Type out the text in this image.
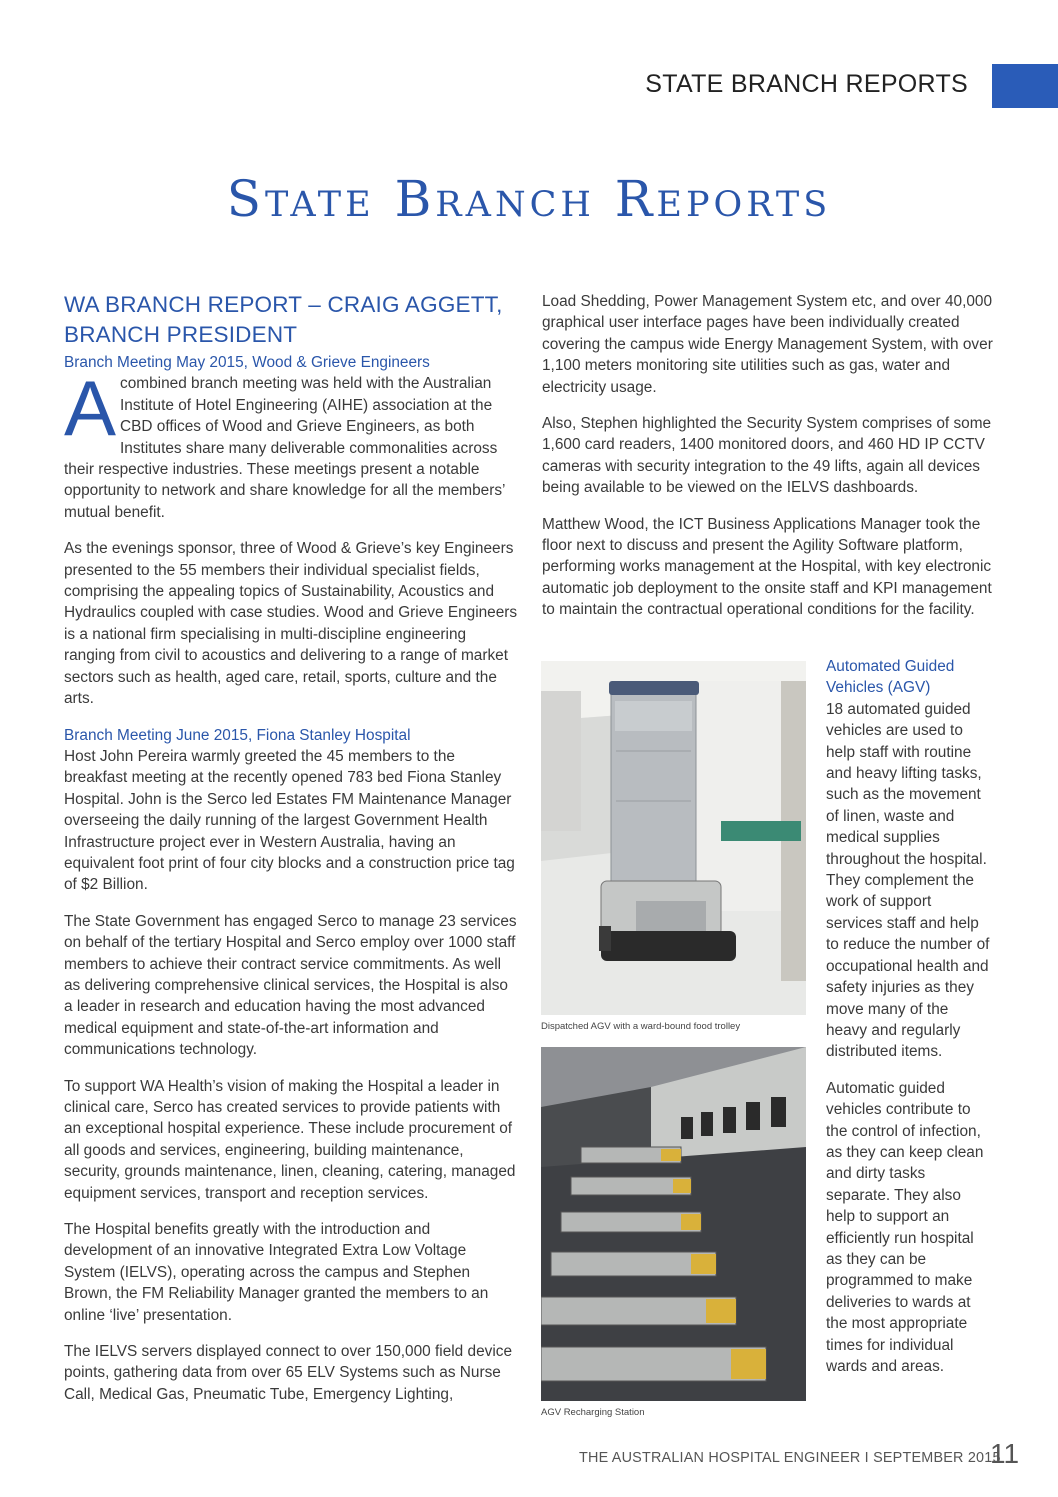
STATE BRANCH REPORTS
State Branch Reports
WA BRANCH REPORT – CRAIG AGGETT,
BRANCH PRESIDENT
Branch Meeting May 2015, Wood & Grieve Engineers

Acombined branch meeting was held with the Australian Institute of Hotel Engineering (AIHE) association at the CBD offices of Wood and Grieve Engineers, as both Institutes share many deliverable commonalities across their respective industries. These meetings present a notable opportunity to network and share knowledge for all the members’ mutual benefit.

As the evenings sponsor, three of Wood & Grieve’s key Engineers presented to the 55 members their individual specialist fields, comprising the appealing topics of Sustainability, Acoustics and Hydraulics coupled with case studies. Wood and Grieve Engineers is a national firm specialising in multi-discipline engineering ranging from civil to acoustics and delivering to a range of market sectors such as health, aged care, retail, sports, culture and the arts.

Branch Meeting June 2015, Fiona Stanley Hospital

Host John Pereira warmly greeted the 45 members to the breakfast meeting at the recently opened 783 bed Fiona Stanley Hospital. John is the Serco led Estates FM Maintenance Manager overseeing the daily running of the largest Government Health Infrastructure project ever in Western Australia, having an equivalent foot print of four city blocks and a construction price tag of $2 Billion.

The State Government has engaged Serco to manage 23 services on behalf of the tertiary Hospital and Serco employ over 1000 staff members to achieve their contract service commitments. As well as delivering comprehensive clinical services, the Hospital is also a leader in research and education having the most advanced medical equipment and state-of-the-art information and communications technology.

To support WA Health’s vision of making the Hospital a leader in clinical care, Serco has created services to provide patients with an exceptional hospital experience. These include procurement of all goods and services, engineering, building maintenance, security, grounds maintenance, linen, cleaning, catering, managed equipment services, transport and reception services.

The Hospital benefits greatly with the introduction and development of an innovative Integrated Extra Low Voltage System (IELVS), operating across the campus and Stephen Brown, the FM Reliability Manager granted the members to an online ‘live’ presentation.

The IELVS servers displayed connect to over 150,000 field device points, gathering data from over 65 ELV Systems such as Nurse Call, Medical Gas, Pneumatic Tube, Emergency Lighting,

Load Shedding, Power Management System etc, and over 40,000 graphical user interface pages have been individually created covering the campus wide Energy Management System, with over 1,100 meters monitoring site utilities such as gas, water and electricity usage.

Also, Stephen highlighted the Security System comprises of some 1,600 card readers, 1400 monitored doors, and 460 HD IP CCTV cameras with security integration to the 49 lifts, again all devices being available to be viewed on the IELVS dashboards.

Matthew Wood, the ICT Business Applications Manager took the floor next to discuss and present the Agility Software platform, performing works management at the Hospital, with key electronic automatic job deployment to the onsite staff and KPI management to maintain the contractual operational conditions for the facility.

Dispatched AGV with a ward-bound food trolley
AGV Recharging Station
Automated Guided Vehicles (AGV)

18 automated guided vehicles are used to help staff with routine and heavy lifting tasks, such as the movement of linen, waste and medical supplies throughout the hospital. They complement the work of support services staff and help to reduce the number of occupational health and safety injuries as they move many of the heavy and regularly distributed items.

Automatic guided vehicles contribute to the control of infection, as they can keep clean and dirty tasks separate. They also help to support an efficiently run hospital as they can be programmed to make deliveries to wards at the most appropriate times for individual wards and areas.

THE AUSTRALIAN HOSPITAL ENGINEER I SEPTEMBER 2015
11
